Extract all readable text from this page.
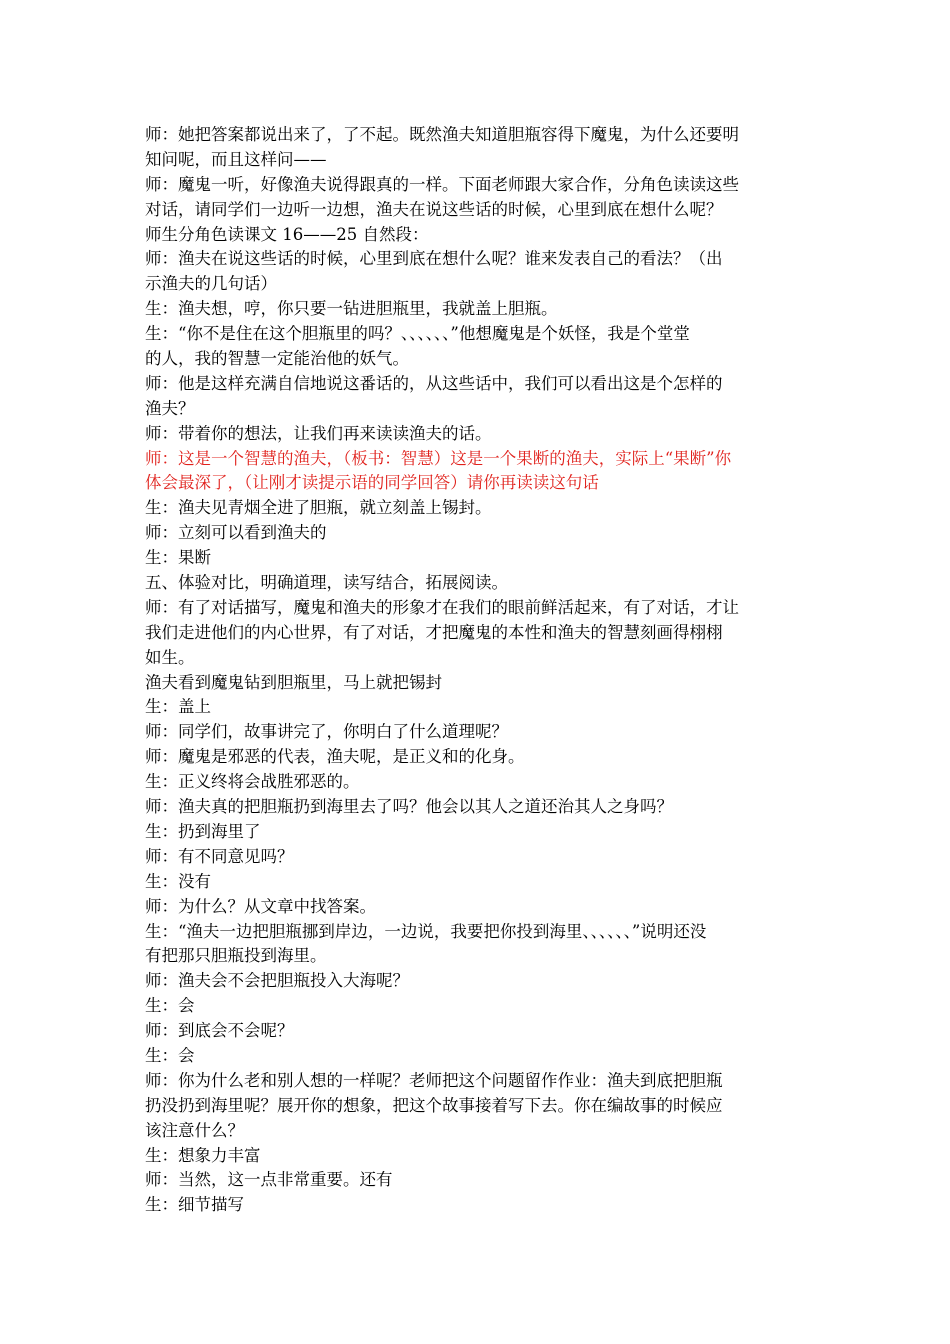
师：她把答案都说出来了，了不起。既然渔夫知道胆瓶容得下魔鬼，为什么还要明
知问呢，而且这样问——
师：魔鬼一听，好像渔夫说得跟真的一样。下面老师跟大家合作，分角色读读这些
对话，请同学们一边听一边想，渔夫在说这些话的时候，心里到底在想什么呢？
师生分角色读课文 16——25 自然段：
师：渔夫在说这些话的时候，心里到底在想什么呢？谁来发表自己的看法？（出
示渔夫的几句话）
生：渔夫想，哼，你只要一钻进胆瓶里，我就盖上胆瓶。
生：“你不是住在这个胆瓶里的吗？、、、、、、”他想魔鬼是个妖怪，我是个堂堂
的人，我的智慧一定能治他的妖气。
师：他是这样充满自信地说这番话的，从这些话中，我们可以看出这是个怎样的
渔夫？
师：带着你的想法，让我们再来读读渔夫的话。
师：这是一个智慧的渔夫，（板书：智慧）这是一个果断的渔夫，实际上“果断”你
体会最深了，（让刚才读提示语的同学回答）请你再读读这句话
生：渔夫见青烟全进了胆瓶，就立刻盖上锡封。
师：立刻可以看到渔夫的
生：果断
五、体验对比，明确道理，读写结合，拓展阅读。
师：有了对话描写，魔鬼和渔夫的形象才在我们的眼前鲜活起来，有了对话，才让
我们走进他们的内心世界，有了对话，才把魔鬼的本性和渔夫的智慧刻画得栩栩
如生。
渔夫看到魔鬼钻到胆瓶里，马上就把锡封
生：盖上
师：同学们，故事讲完了，你明白了什么道理呢？
师：魔鬼是邪恶的代表，渔夫呢，是正义和的化身。
生：正义终将会战胜邪恶的。
师：渔夫真的把胆瓶扔到海里去了吗？他会以其人之道还治其人之身吗？
生：扔到海里了
师：有不同意见吗？
生：没有
师：为什么？从文章中找答案。
生：“渔夫一边把胆瓶挪到岸边，一边说，我要把你投到海里、、、、、、”说明还没
有把那只胆瓶投到海里。
师：渔夫会不会把胆瓶投入大海呢？
生：会
师：到底会不会呢？
生：会
师：你为什么老和别人想的一样呢？老师把这个问题留作作业：渔夫到底把胆瓶
扔没扔到海里呢？展开你的想象，把这个故事接着写下去。你在编故事的时候应
该注意什么？
生：想象力丰富
师：当然，这一点非常重要。还有
生：细节描写
